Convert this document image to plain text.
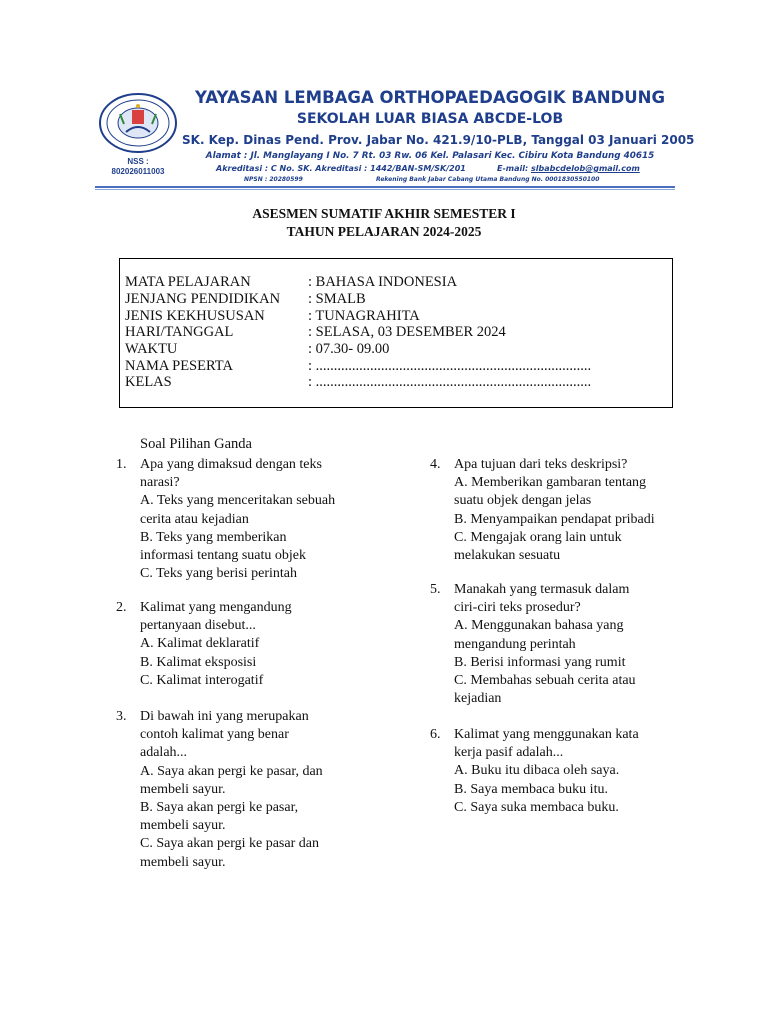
NSS :
802026011003
YAYASAN LEMBAGA ORTHOPAEDAGOGIK BANDUNG
SEKOLAH LUAR BIASA ABCDE-LOB
SK. Kep. Dinas Pend. Prov. Jabar No. 421.9/10-PLB, Tanggal 03 Januari 2005
Alamat : Jl. Manglayang I No. 7 Rt. 03 Rw. 06 Kel. Palasari Kec. Cibiru Kota Bandung 40615
Akreditasi : C No. SK. Akreditasi : 1442/BAN-SM/SK/201	E-mail: slbabcdelob@gmail.com
NPSN : 20280599	Rekening Bank Jabar Cabang Utama Bandung No. 0001830550100
ASESMEN SUMATIF AKHIR SEMESTER I
TAHUN PELAJARAN 2024-2025
MATA PELAJARAN	: BAHASA INDONESIA
JENJANG PENDIDIKAN : SMALB
JENIS KEKHUSUSAN	: TUNAGRAHITA
HARI/TANGGAL	: SELASA, 03 DESEMBER 2024
WAKTU	: 07.30- 09.00
NAMA PESERTA	: ............................................................................
KELAS	: ............................................................................
Soal Pilihan Ganda
1. Apa yang dimaksud dengan teks
narasi?
A. Teks yang menceritakan sebuah
cerita atau kejadian
B. Teks yang memberikan
informasi tentang suatu objek
C. Teks yang berisi perintah
2. Kalimat yang mengandung
pertanyaan disebut...
A. Kalimat deklaratif
B. Kalimat eksposisi
C. Kalimat interogatif
3. Di bawah ini yang merupakan
contoh kalimat yang benar
adalah...
A. Saya akan pergi ke pasar, dan
membeli sayur.
B. Saya akan pergi ke pasar,
membeli sayur.
C. Saya akan pergi ke pasar dan
membeli sayur.
4. Apa tujuan dari teks deskripsi?
A. Memberikan gambaran tentang
suatu objek dengan jelas
B. Menyampaikan pendapat pribadi
C. Mengajak orang lain untuk
melakukan sesuatu
5. Manakah yang termasuk dalam
ciri-ciri teks prosedur?
A. Menggunakan bahasa yang
mengandung perintah
B. Berisi informasi yang rumit
C. Membahas sebuah cerita atau
kejadian
6. Kalimat yang menggunakan kata
kerja pasif adalah...
A. Buku itu dibaca oleh saya.
B. Saya membaca buku itu.
C. Saya suka membaca buku.
